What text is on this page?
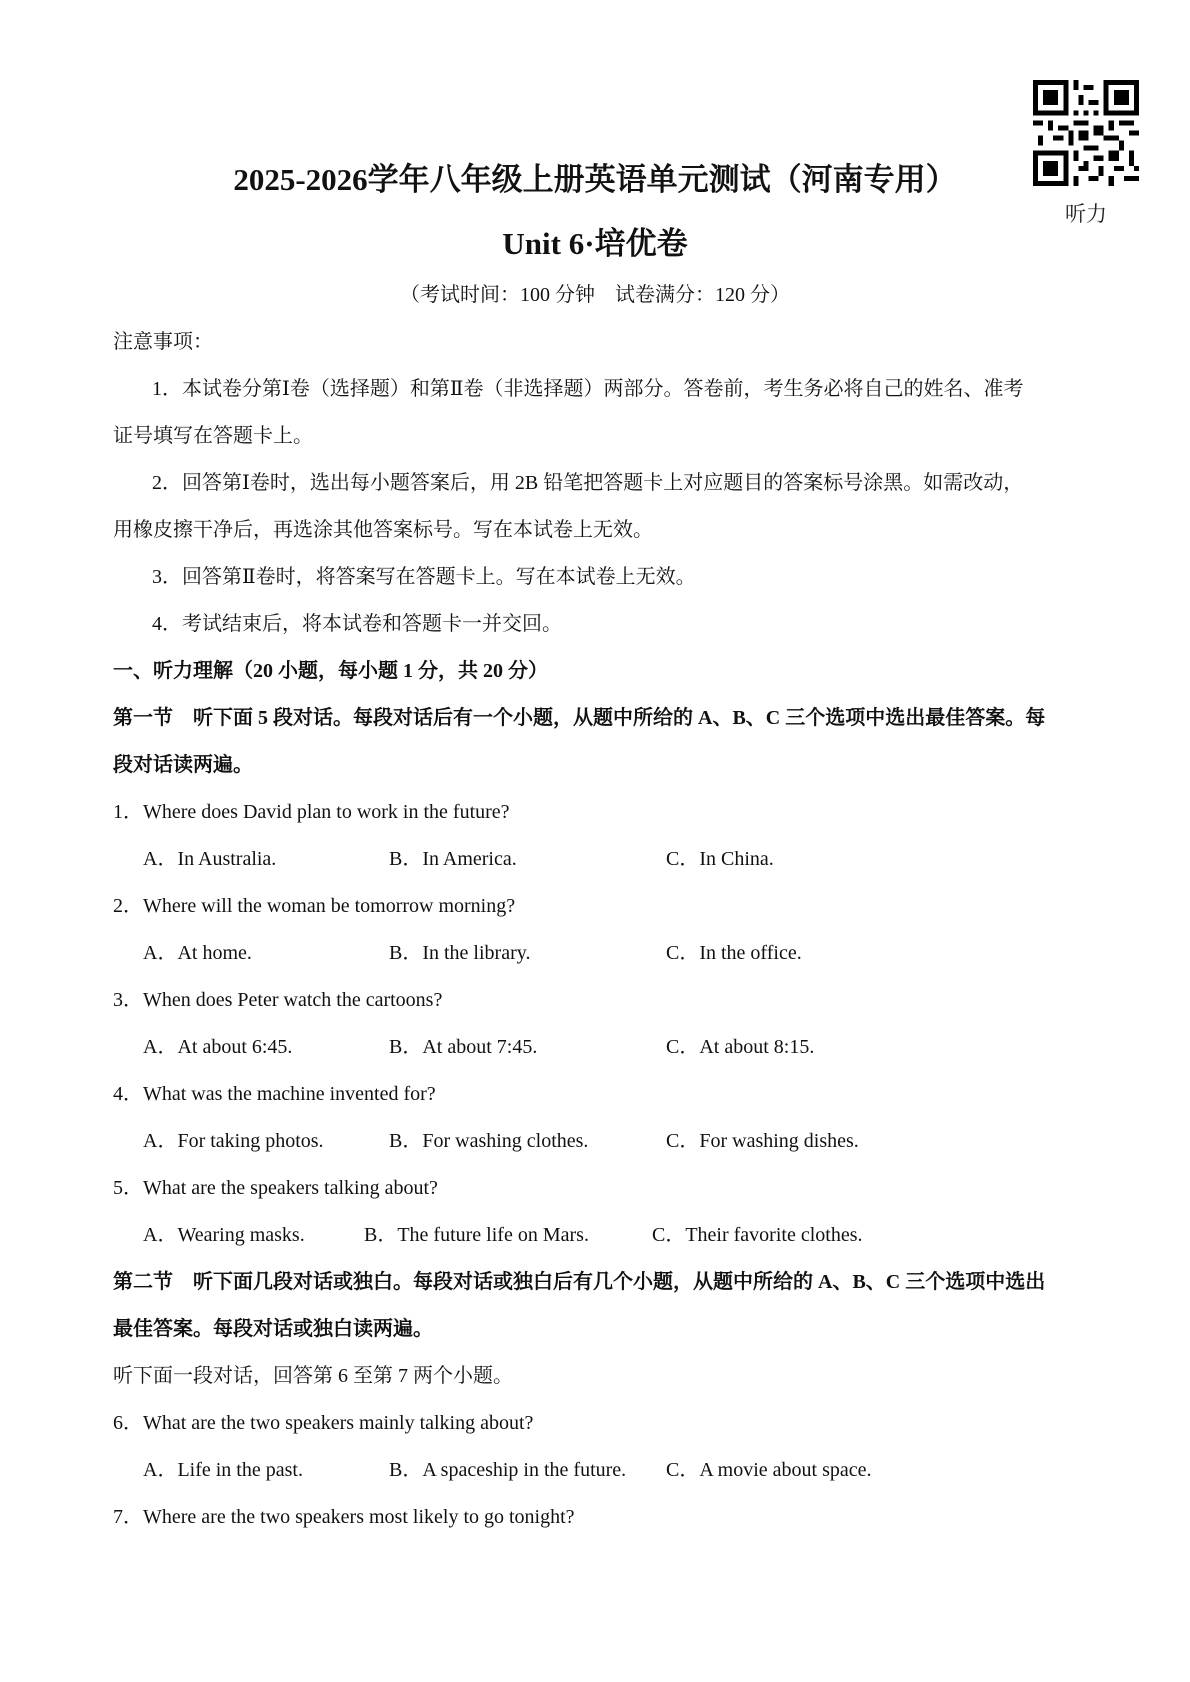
听力
2025-2026学年八年级上册英语单元测试（河南专用）
Unit 6·培优卷
（考试时间：100 分钟　试卷满分：120 分）
注意事项：
1．本试卷分第Ⅰ卷（选择题）和第Ⅱ卷（非选择题）两部分。答卷前，考生务必将自己的姓名、准考
证号填写在答题卡上。
2．回答第Ⅰ卷时，选出每小题答案后，用 2B 铅笔把答题卡上对应题目的答案标号涂黑。如需改动，
用橡皮擦干净后，再选涂其他答案标号。写在本试卷上无效。
3．回答第Ⅱ卷时，将答案写在答题卡上。写在本试卷上无效。
4．考试结束后，将本试卷和答题卡一并交回。
一、听力理解（20 小题，每小题 1 分，共 20 分）
第一节　听下面 5 段对话。每段对话后有一个小题，从题中所给的 A、B、C 三个选项中选出最佳答案。每
段对话读两遍。
1．Where does David plan to work in the future?
A．In Australia.	B．In America.	C．In China.
2．Where will the woman be tomorrow morning?
A．At home.	B．In the library.	C．In the office.
3．When does Peter watch the cartoons?
A．At about 6:45.	B．At about 7:45.	C．At about 8:15.
4．What was the machine invented for?
A．For taking photos.	B．For washing clothes.	C．For washing dishes.
5．What are the speakers talking about?
A．Wearing masks.	B．The future life on Mars.	C．Their favorite clothes.
第二节　听下面几段对话或独白。每段对话或独白后有几个小题，从题中所给的 A、B、C 三个选项中选出
最佳答案。每段对话或独白读两遍。
听下面一段对话，回答第 6 至第 7 两个小题。
6．What are the two speakers mainly talking about?
A．Life in the past.	B．A spaceship in the future. C．A movie about space.
7．Where are the two speakers most likely to go tonight?
